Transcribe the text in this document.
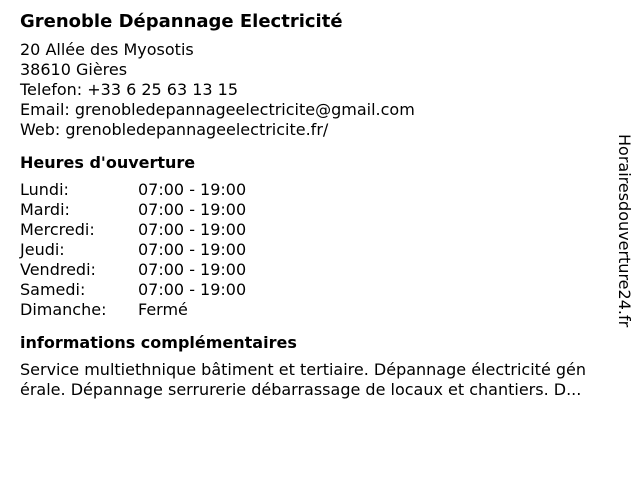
Grenoble Dépannage Electricité
20 Allée des Myosotis
38610 Gières
Telefon: +33 6 25 63 13 15
Email: grenobledepannageelectricite@gmail.com
Web: grenobledepannageelectricite.fr/
Heures d'ouverture
Lundi:	07:00 - 19:00
Mardi:	07:00 - 19:00
Mercredi:	07:00 - 19:00
Jeudi:	07:00 - 19:00
Vendredi:	07:00 - 19:00
Samedi:	07:00 - 19:00
Dimanche:	Fermé
informations complémentaires
Service multiethnique bâtiment et tertiaire. Dépannage électricité gén
érale. Dépannage serrurerie débarrassage de locaux et chantiers. D...
Horairesdouverture24.fr
